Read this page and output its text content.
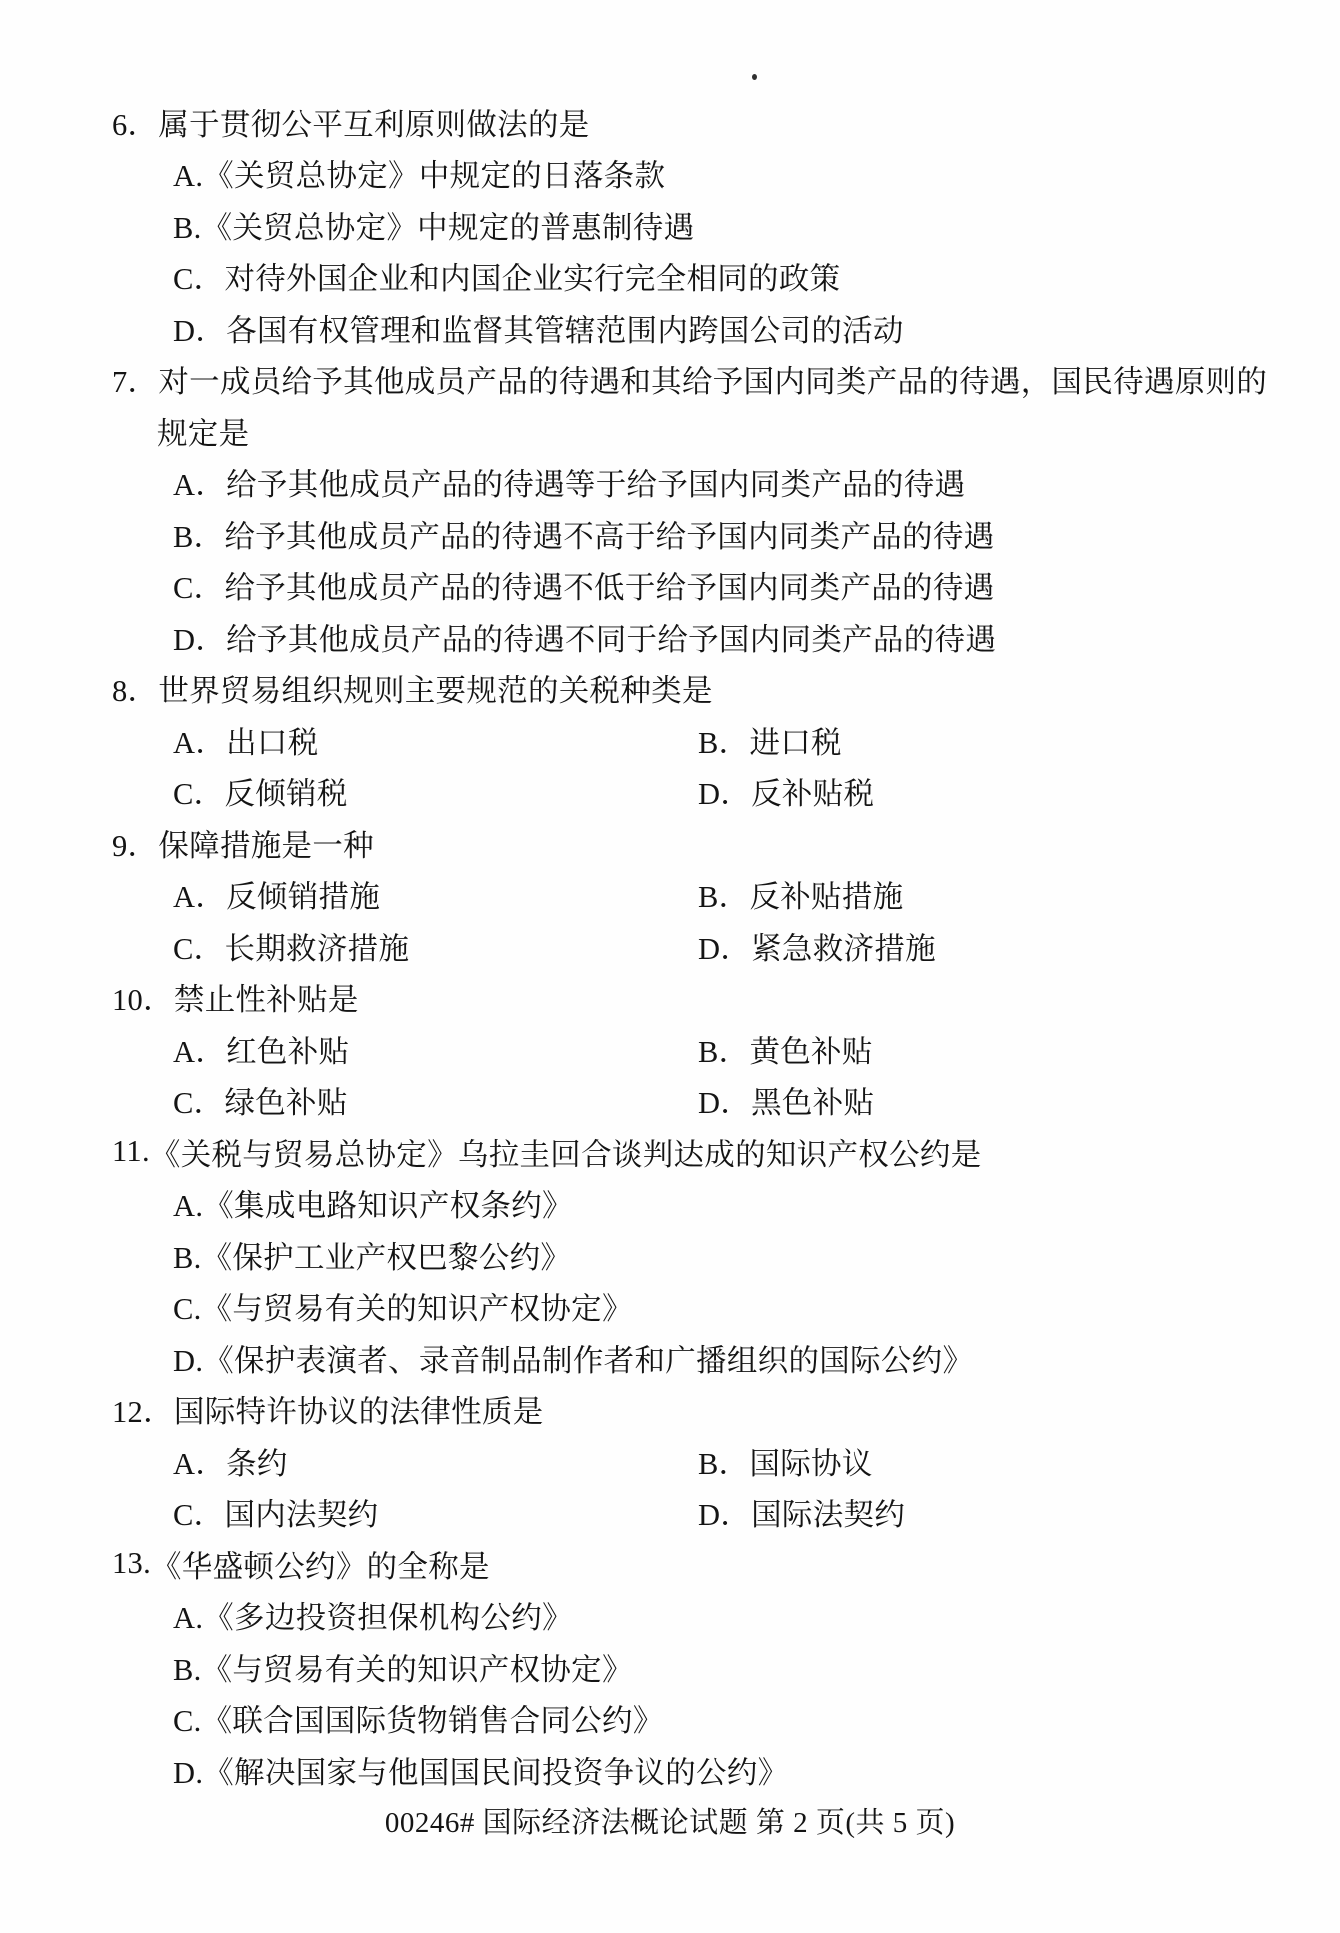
6． 属于贯彻公平互利原则做法的是
A.《关贸总协定》中规定的日落条款
B.《关贸总协定》中规定的普惠制待遇
C．对待外国企业和内国企业实行完全相同的政策
D．各国有权管理和监督其管辖范围内跨国公司的活动
7． 对一成员给予其他成员产品的待遇和其给予国内同类产品的待遇，国民待遇原则的
规定是
A．给予其他成员产品的待遇等于给予国内同类产品的待遇
B．给予其他成员产品的待遇不高于给予国内同类产品的待遇
C．给予其他成员产品的待遇不低于给予国内同类产品的待遇
D．给予其他成员产品的待遇不同于给予国内同类产品的待遇
8． 世界贸易组织规则主要规范的关税种类是
A．出口税	B．进口税
C．反倾销税	D．反补贴税
9． 保障措施是一种
A．反倾销措施	B．反补贴措施
C．长期救济措施	D．紧急救济措施
10． 禁止性补贴是
A．红色补贴	B．黄色补贴
C．绿色补贴	D．黑色补贴
11. 《关税与贸易总协定》乌拉圭回合谈判达成的知识产权公约是
A.《集成电路知识产权条约》
B.《保护工业产权巴黎公约》
C.《与贸易有关的知识产权协定》
D.《保护表演者、录音制品制作者和广播组织的国际公约》
12． 国际特许协议的法律性质是
A．条约	B．国际协议
C．国内法契约	D．国际法契约
13. 《华盛顿公约》的全称是
A.《多边投资担保机构公约》
B.《与贸易有关的知识产权协定》
C.《联合国国际货物销售合同公约》
D.《解决国家与他国国民间投资争议的公约》
00246# 国际经济法概论试题 第 2 页(共 5 页)
